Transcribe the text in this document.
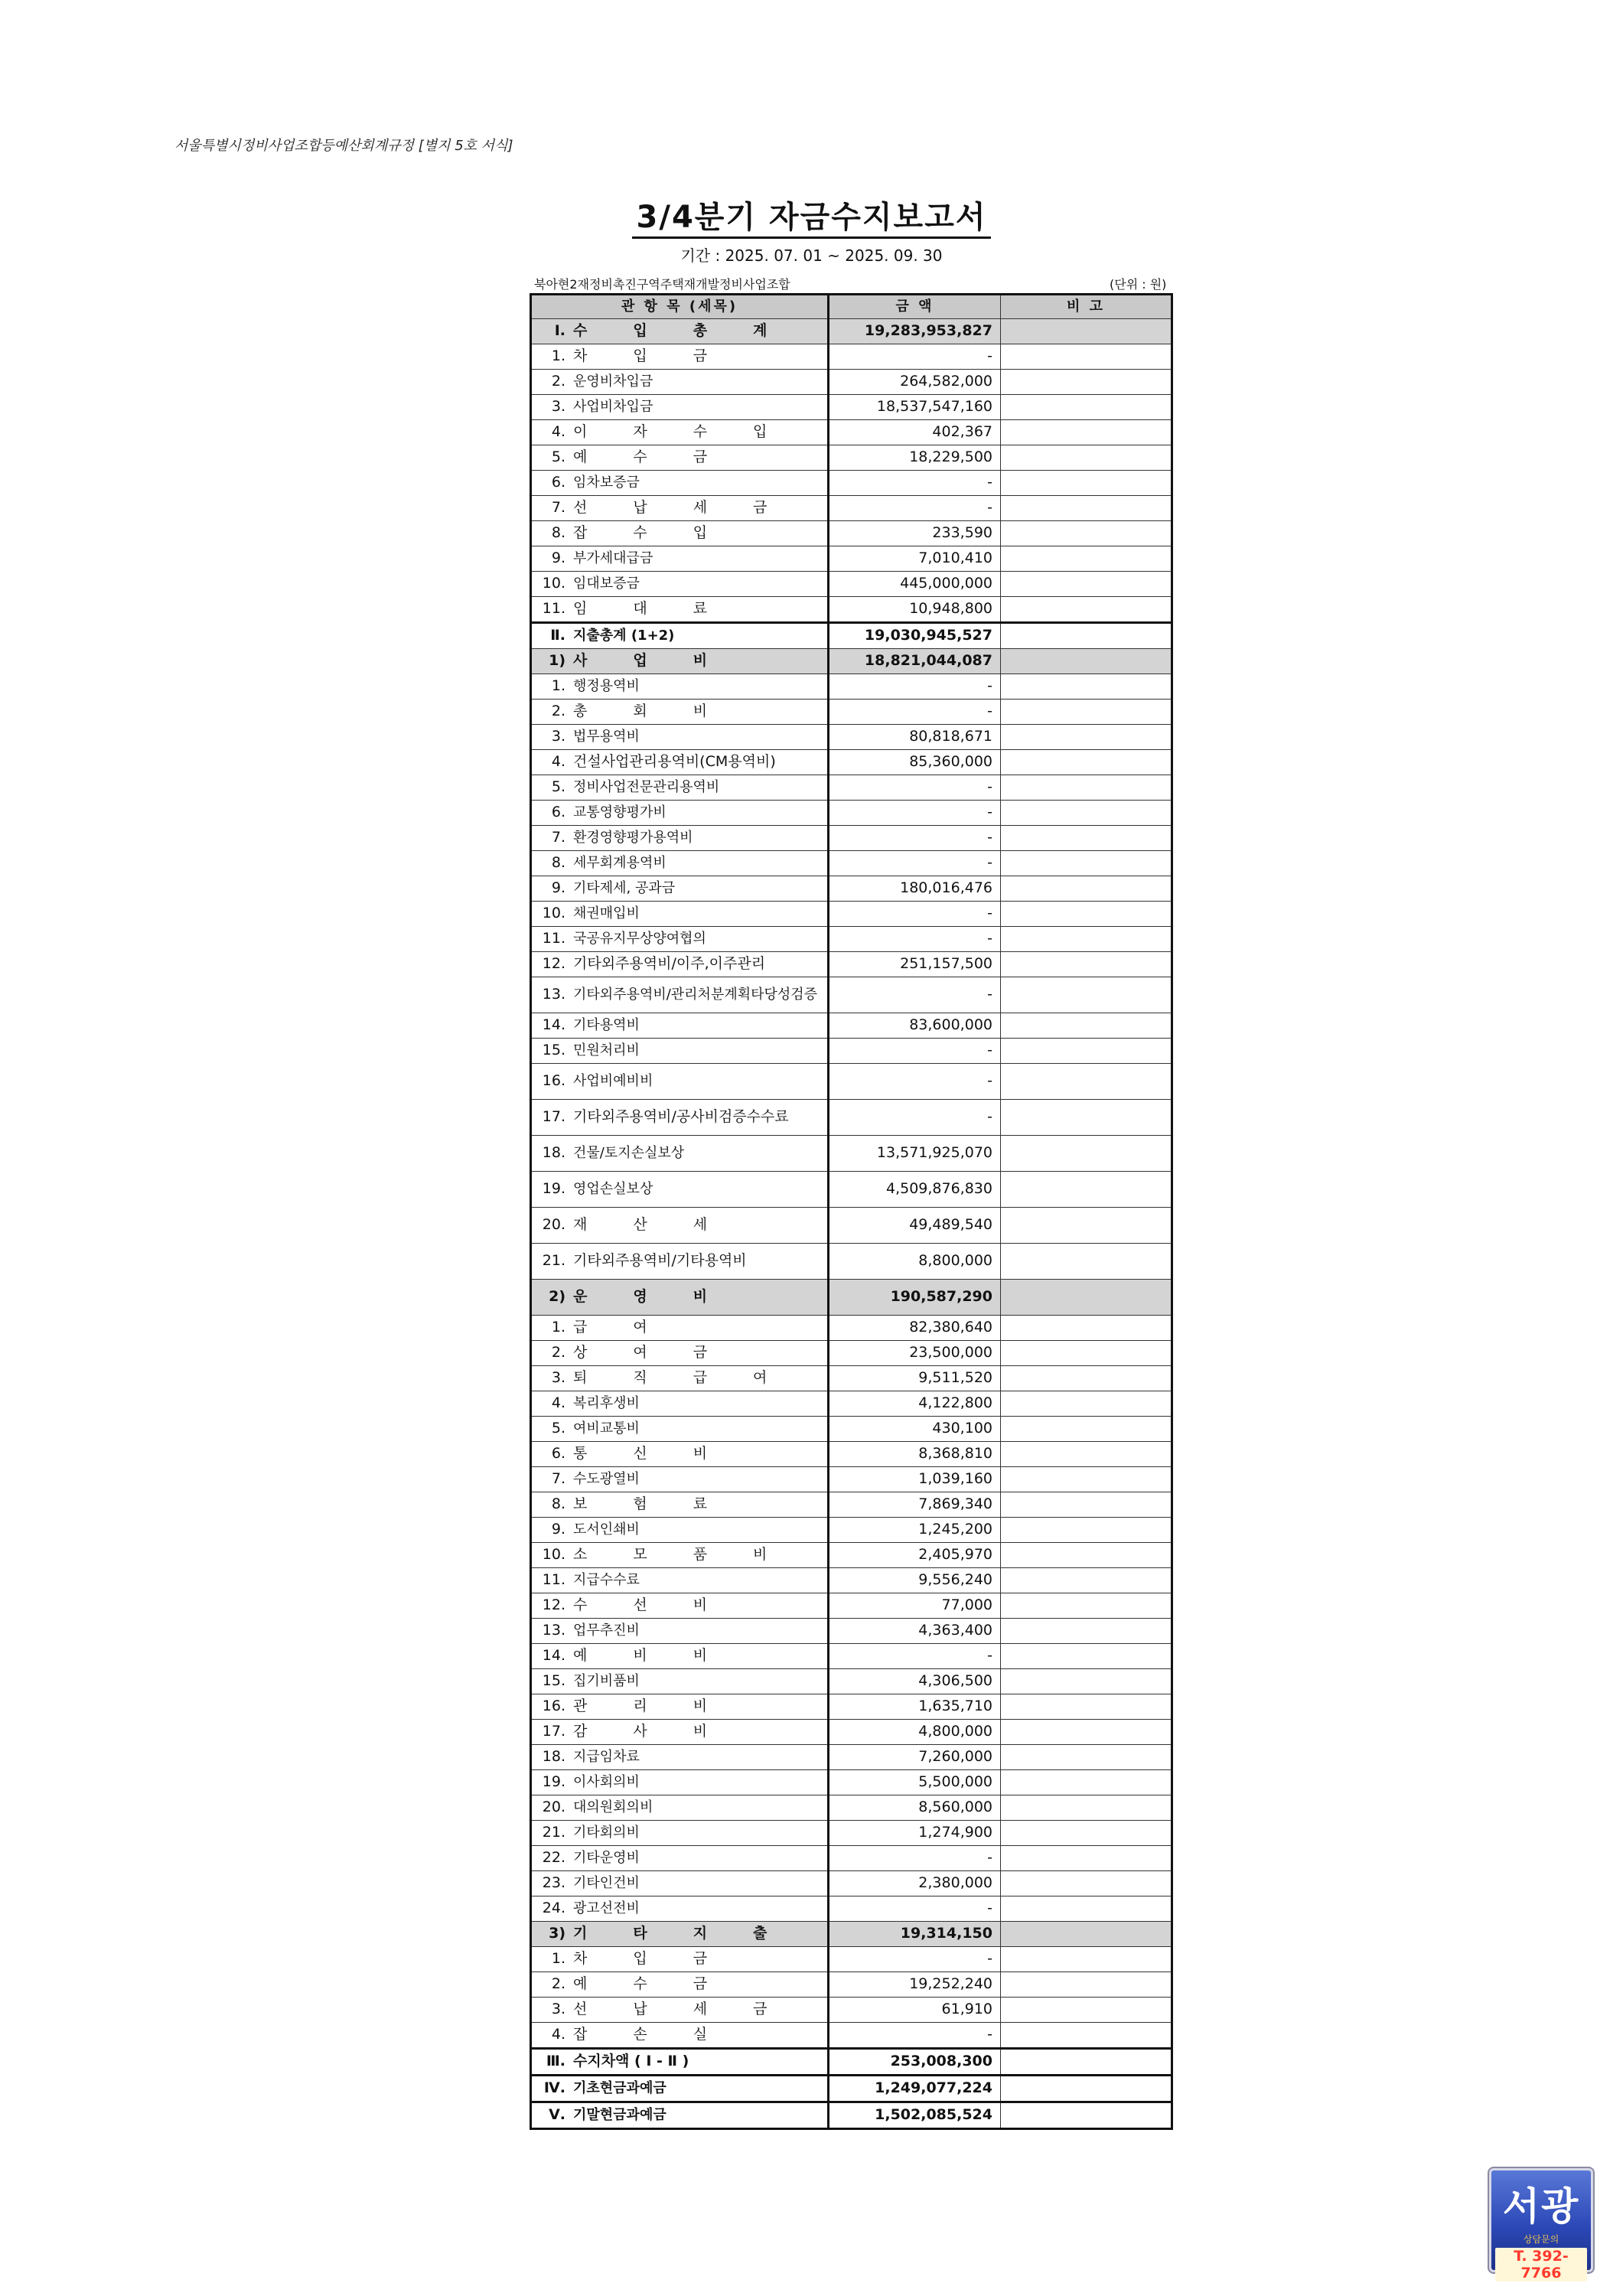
서울특별시정비사업조합등예산회계규정 [별지 5호 서식]
3/4분기 자금수지보고서
기간 : 2025. 07. 01 ~ 2025. 09. 30
북아현2재정비촉진구역주택재개발정비사업조합	(단위 : 원)
관 항 목 (세목)	금 액	비 고
Ⅰ. 수입총계	19,283,953,827	
1. 차입금	-	
2. 운영비차입금	264,582,000	
3. 사업비차입금	18,537,547,160	
4. 이자수입	402,367	
5. 예수금	18,229,500	
6. 임차보증금	-	
7. 선납세금	-	
8. 잡수입	233,590	
9. 부가세대급금	7,010,410	
10. 임대보증금	445,000,000	
11. 임대료	10,948,800	
Ⅱ. 지출총계 (1+2)	19,030,945,527	
1) 사업비	18,821,044,087	
1. 행정용역비	-	
2. 총회비	-	
3. 법무용역비	80,818,671	
4. 건설사업관리용역비(CM용역비)	85,360,000	
5. 정비사업전문관리용역비	-	
6. 교통영향평가비	-	
7. 환경영향평가용역비	-	
8. 세무회계용역비	-	
9. 기타제세, 공과금	180,016,476	
10. 채권매입비	-	
11. 국공유지무상양여협의	-	
12. 기타외주용역비/이주,이주관리	251,157,500	
13. 기타외주용역비/관리처분계획타당성검증	-	
14. 기타용역비	83,600,000	
15. 민원처리비	-	
16. 사업비예비비	-	
17. 기타외주용역비/공사비검증수수료	-	
18. 건물/토지손실보상	13,571,925,070	
19. 영업손실보상	4,509,876,830	
20. 재산세	49,489,540	
21. 기타외주용역비/기타용역비	8,800,000	
2) 운영비	190,587,290	
1. 급여	82,380,640	
2. 상여금	23,500,000	
3. 퇴직급여	9,511,520	
4. 복리후생비	4,122,800	
5. 여비교통비	430,100	
6. 통신비	8,368,810	
7. 수도광열비	1,039,160	
8. 보험료	7,869,340	
9. 도서인쇄비	1,245,200	
10. 소모품비	2,405,970	
11. 지급수수료	9,556,240	
12. 수선비	77,000	
13. 업무추진비	4,363,400	
14. 예비비	-	
15. 집기비품비	4,306,500	
16. 관리비	1,635,710	
17. 감사비	4,800,000	
18. 지급임차료	7,260,000	
19. 이사회의비	5,500,000	
20. 대의원회의비	8,560,000	
21. 기타회의비	1,274,900	
22. 기타운영비	-	
23. 기타인건비	2,380,000	
24. 광고선전비	-	
3) 기타지출	19,314,150	
1. 차입금	-	
2. 예수금	19,252,240	
3. 선납세금	61,910	
4. 잡손실	-	
Ⅲ. 수지차액 ( Ⅰ - Ⅱ )	253,008,300	
Ⅳ. 기초현금과예금	1,249,077,224	
Ⅴ. 기말현금과예금	1,502,085,524	
서광
상담문의
T. 392-7766
